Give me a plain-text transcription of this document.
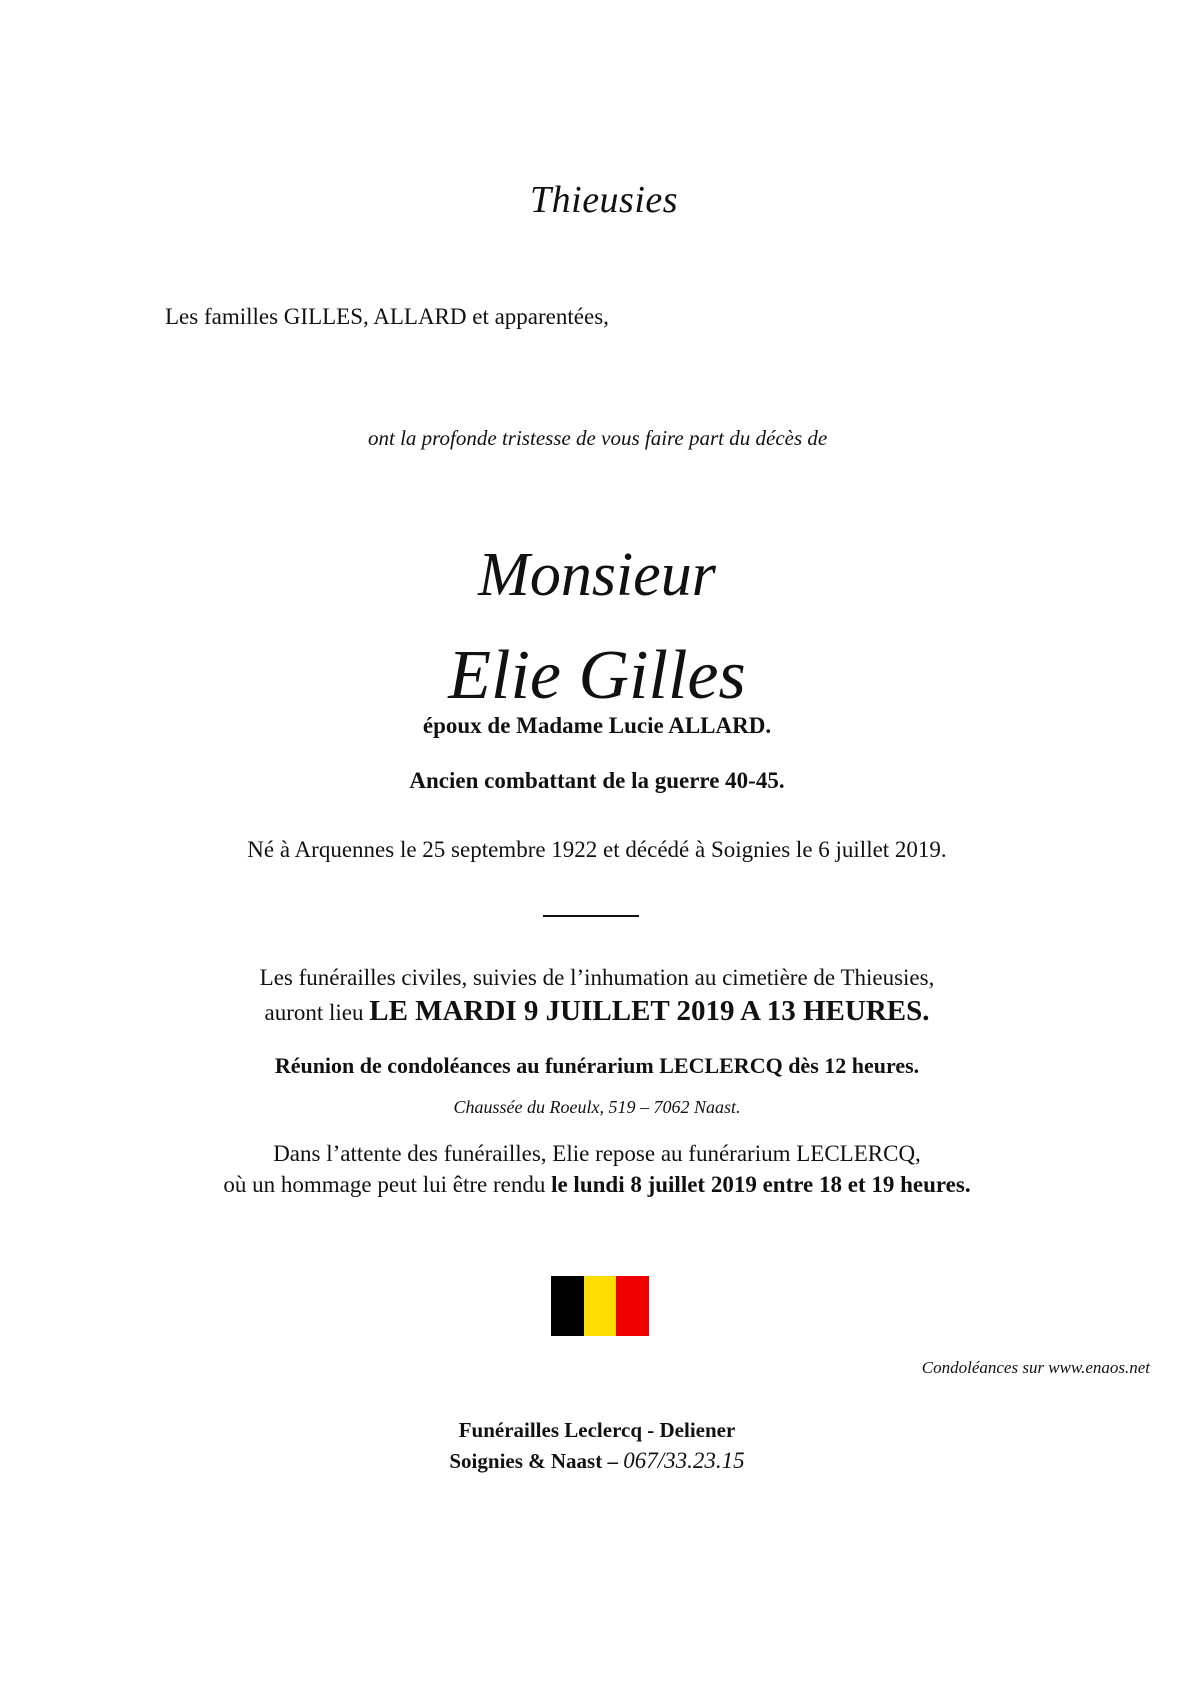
Thieusies
Les familles GILLES, ALLARD et apparentées,
ont la profonde tristesse de vous faire part du décès de
Monsieur
Elie Gilles
époux de Madame Lucie ALLARD.
Ancien combattant de la guerre 40-45.
Né à Arquennes le 25 septembre 1922 et décédé à Soignies le 6 juillet 2019.
Les funérailles civiles, suivies de l’inhumation au cimetière de Thieusies,
auront lieu LE MARDI 9 JUILLET 2019 A 13 HEURES.
Réunion de condoléances au funérarium LECLERCQ dès 12 heures.
Chaussée du Roeulx, 519 – 7062 Naast.
Dans l’attente des funérailles, Elie repose au funérarium LECLERCQ,
où un hommage peut lui être rendu le lundi 8 juillet 2019 entre 18 et 19 heures.
Condoléances sur www.enaos.net
Funérailles Leclercq - Deliener
Soignies & Naast – 067/33.23.15
